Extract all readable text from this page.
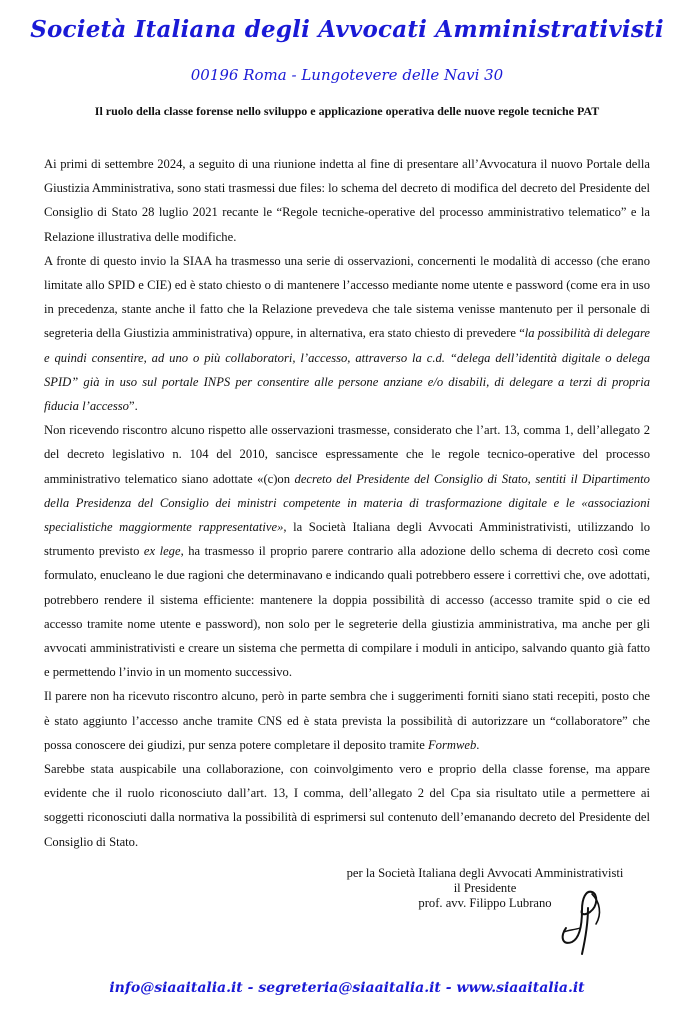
Società Italiana degli Avvocati Amministrativisti
00196 Roma - Lungotevere delle Navi 30
Il ruolo della classe forense nello sviluppo e applicazione operativa delle nuove regole tecniche PAT

Ai primi di settembre 2024, a seguito di una riunione indetta al fine di presentare all’Avvocatura il nuovo Portale della Giustizia Amministrativa, sono stati trasmessi due files: lo schema del decreto di modifica del decreto del Presidente del Consiglio di Stato 28 luglio 2021 recante le “Regole tecniche-operative del processo amministrativo telematico” e la Relazione illustrativa delle modifiche.

A fronte di questo invio la SIAA ha trasmesso una serie di osservazioni, concernenti le modalità di accesso (che erano limitate allo SPID e CIE) ed è stato chiesto o di mantenere l’accesso mediante nome utente e password (come era in uso in precedenza, stante anche il fatto che la Relazione prevedeva che tale sistema venisse mantenuto per il personale di segreteria della Giustizia amministrativa) oppure, in alternativa, era stato chiesto di prevedere “la possibilità di delegare e quindi consentire, ad uno o più collaboratori, l’accesso, attraverso la c.d. “delega dell’identità digitale o delega SPID” già in uso sul portale INPS per consentire alle persone anziane e/o disabili, di delegare a terzi di propria fiducia l’accesso”.

Non ricevendo riscontro alcuno rispetto alle osservazioni trasmesse, considerato che l’art. 13, comma 1, dell’allegato 2 del decreto legislativo n. 104 del 2010, sancisce espressamente che le regole tecnico-operative del processo amministrativo telematico siano adottate «(c)on decreto del Presidente del Consiglio di Stato, sentiti il Dipartimento della Presidenza del Consiglio dei ministri competente in materia di trasformazione digitale e le «associazioni specialistiche maggiormente rappresentative», la Società Italiana degli Avvocati Amministrativisti, utilizzando lo strumento previsto ex lege, ha trasmesso il proprio parere contrario alla adozione dello schema di decreto così come formulato, enucleano le due ragioni che determinavano e indicando quali potrebbero essere i correttivi che, ove adottati, potrebbero rendere il sistema efficiente: mantenere la doppia possibilità di accesso (accesso tramite spid o cie ed accesso tramite nome utente e password), non solo per le segreterie della giustizia amministrativa, ma anche per gli avvocati amministrativisti e creare un sistema che permetta di compilare i moduli in anticipo, salvando quanto già fatto e permettendo l’invio in un momento successivo.

Il parere non ha ricevuto riscontro alcuno, però in parte sembra che i suggerimenti forniti siano stati recepiti, posto che è stato aggiunto l’accesso anche tramite CNS ed è stata prevista la possibilità di autorizzare un “collaboratore” che possa conoscere dei giudizi, pur senza potere completare il deposito tramite Formweb.

Sarebbe stata auspicabile una collaborazione, con coinvolgimento vero e proprio della classe forense, ma appare evidente che il ruolo riconosciuto dall’art. 13, I comma, dell’allegato 2 del Cpa sia risultato utile a permettere ai soggetti riconosciuti dalla normativa la possibilità di esprimersi sul contenuto dell’emanando decreto del Presidente del Consiglio di Stato.

per la Società Italiana degli Avvocati Amministrativisti
il Presidente
prof. avv. Filippo Lubrano
info@siaaitalia.it - segreteria@siaaitalia.it - www.siaaitalia.it
